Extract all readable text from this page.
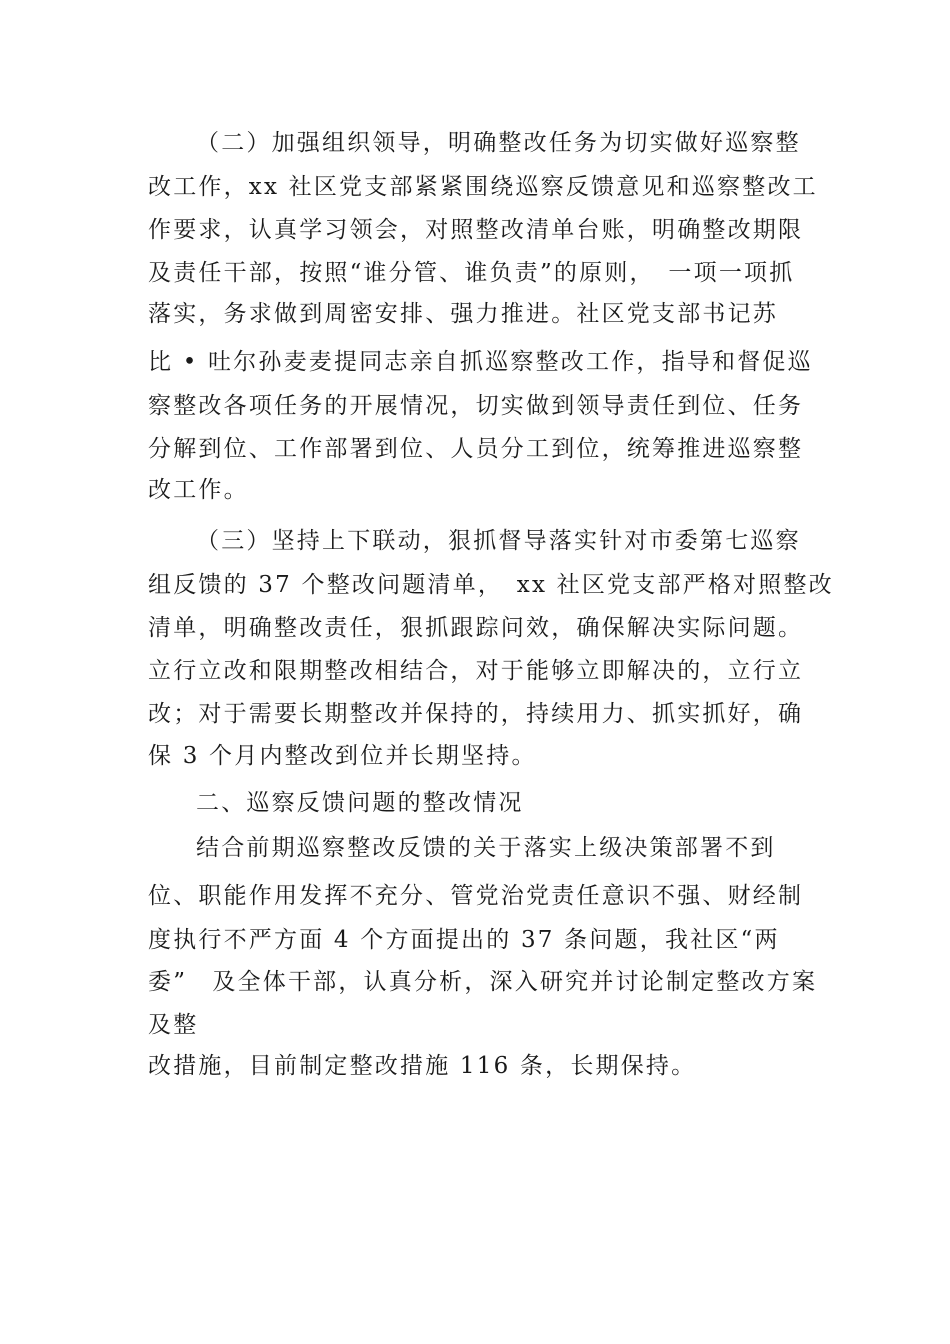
（二）加强组织领导，明确整改任务为切实做好巡察整

改工作，xx 社区党支部紧紧围绕巡察反馈意见和巡察整改工

作要求，认真学习领会，对照整改清单台账，明确整改期限

及责任干部，按照“谁分管、谁负责”的原则，　一项一项抓

落实，务求做到周密安排、强力推进。社区党支部书记苏

比 • 吐尔孙麦麦提同志亲自抓巡察整改工作，指导和督促巡

察整改各项任务的开展情况，切实做到领导责任到位、任务

分解到位、工作部署到位、人员分工到位，统筹推进巡察整

改工作。

（三）坚持上下联动，狠抓督导落实针对市委第七巡察

组反馈的 37 个整改问题清单，　xx 社区党支部严格对照整改

清单，明确整改责任，狠抓跟踪问效，确保解决实际问题。

立行立改和限期整改相结合，对于能够立即解决的，立行立

改；对于需要长期整改并保持的，持续用力、抓实抓好，确

保 3 个月内整改到位并长期坚持。

二、巡察反馈问题的整改情况

结合前期巡察整改反馈的关于落实上级决策部署不到

位、职能作用发挥不充分、管党治党责任意识不强、财经制

度执行不严方面 4 个方面提出的 37 条问题，我社区“两

委”　及全体干部，认真分析，深入研究并讨论制定整改方案

及整

改措施，目前制定整改措施 116 条，长期保持。
